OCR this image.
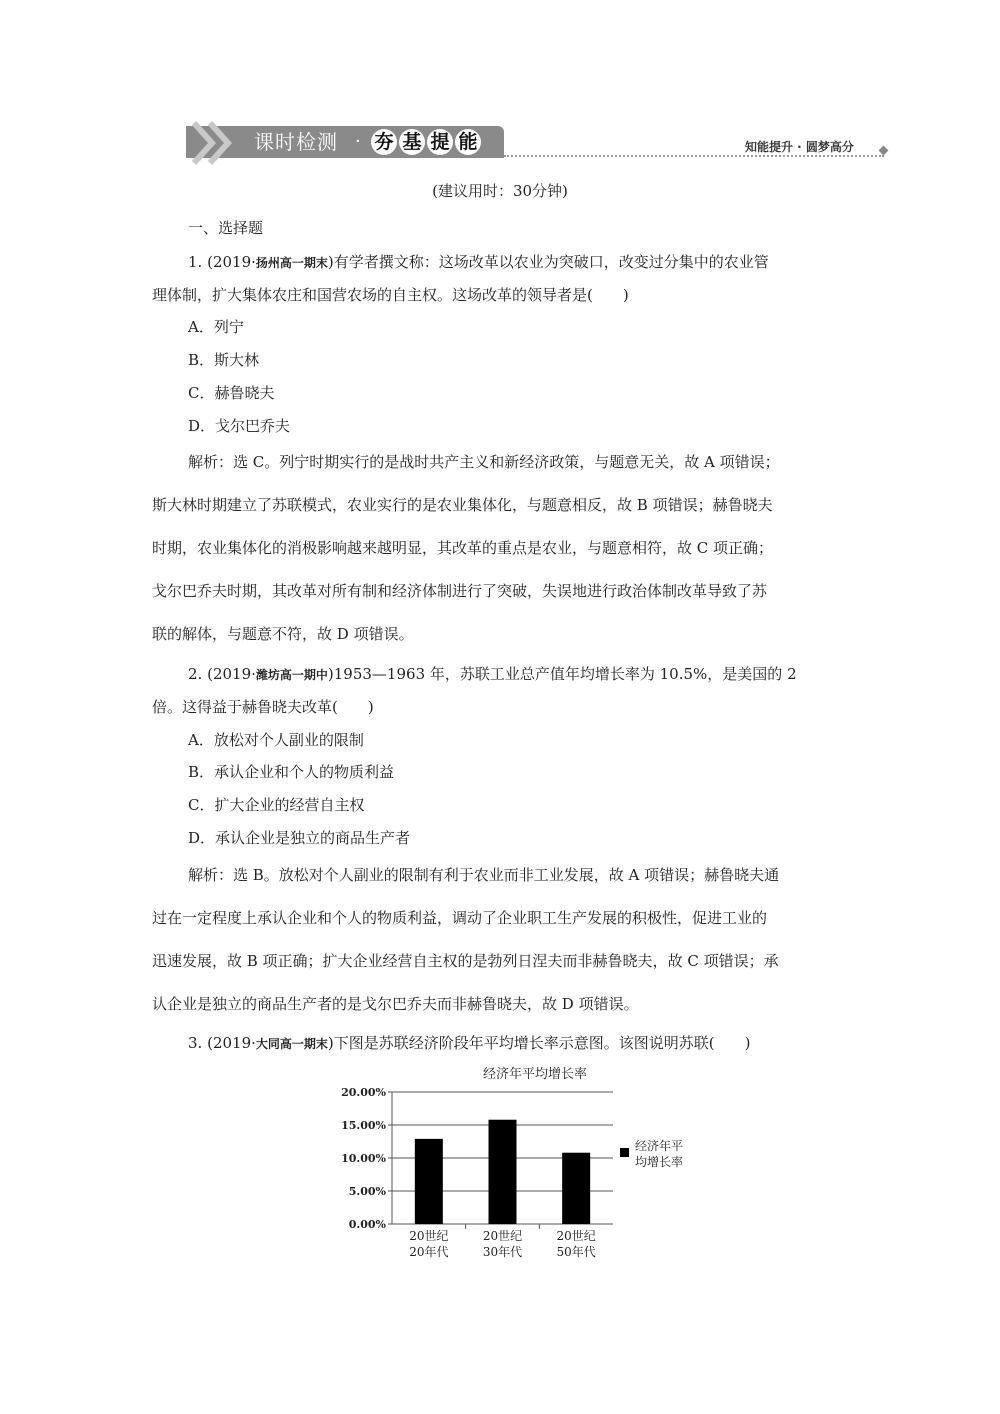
课时检测 · 夯 基 提 能	知能提升 · 圆梦高分
(建议用时：30分钟)
一、选择题
1. (2019·扬州高一期末)有学者撰文称：这场改革以农业为突破口，改变过分集中的农业管
理体制，扩大集体农庄和国营农场的自主权。这场改革的领导者是(　　)
A．列宁
B．斯大林
C．赫鲁晓夫
D．戈尔巴乔夫
解析：选 C。列宁时期实行的是战时共产主义和新经济政策，与题意无关，故 A 项错误；
斯大林时期建立了苏联模式，农业实行的是农业集体化，与题意相反，故 B 项错误；赫鲁晓夫
时期，农业集体化的消极影响越来越明显，其改革的重点是农业，与题意相符，故 C 项正确；
戈尔巴乔夫时期，其改革对所有制和经济体制进行了突破，失误地进行政治体制改革导致了苏
联的解体，与题意不符，故 D 项错误。
2. (2019·潍坊高一期中)1953—1963 年，苏联工业总产值年均增长率为 10.5%，是美国的 2
倍。这得益于赫鲁晓夫改革(　　)
A．放松对个人副业的限制
B．承认企业和个人的物质利益
C．扩大企业的经营自主权
D．承认企业是独立的商品生产者
解析：选 B。放松对个人副业的限制有利于农业而非工业发展，故 A 项错误；赫鲁晓夫通
过在一定程度上承认企业和个人的物质利益，调动了企业职工生产发展的积极性，促进工业的
迅速发展，故 B 项正确；扩大企业经营自主权的是勃列日涅夫而非赫鲁晓夫，故 C 项错误；承
认企业是独立的商品生产者的是戈尔巴乔夫而非赫鲁晓夫，故 D 项错误。
3. (2019·大同高一期末)下图是苏联经济阶段年平均增长率示意图。该图说明苏联(　　)
经济年平均增长率
0.00%
5.00%
10.00%
15.00%
20.00%
20世纪
20年代
20世纪
30年代
20世纪
50年代
经济年平
均增长率
